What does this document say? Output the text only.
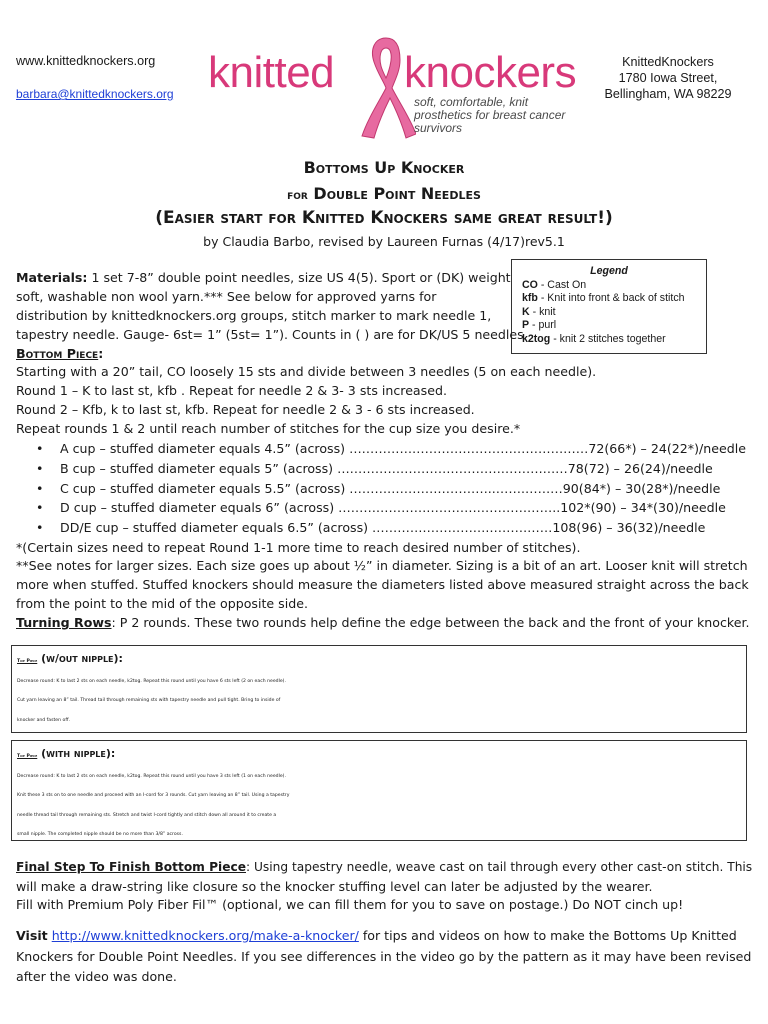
www.knittedknockers.org
barbara@knittedknockers.org knitted knockers
soft, comfortable, knit prosthetics for breast cancer survivors
KnittedKnockers
1780 Iowa Street,
Bellingham, WA 98229
Bottoms Up Knocker
for Double Point Needles
(Easier start for Knitted Knockers same great result!)
by Claudia Barbo, revised by Laureen Furnas (4/17)rev5.1
Legend
CO - Cast On
kfb - Knit into front & back of stitch
K - knit
P - purl
k2tog - knit 2 stitches together
Materials: 1 set 7-8” double point needles, size US 4(5). Sport or (DK) weight
soft, washable non wool yarn.*** See below for approved yarns for
distribution by knittedknockers.org groups, stitch marker to mark needle 1,
tapestry needle. Gauge- 6st= 1” (5st= 1”). Counts in ( ) are for DK/US 5 needles
Bottom Piece:
Starting with a 20” tail, CO loosely 15 sts and divide between 3 needles (5 on each needle).
Round 1 – K to last st, kfb . Repeat for needle 2 & 3- 3 sts increased.
Round 2 – Kfb, k to last st, kfb. Repeat for needle 2 & 3 - 6 sts increased.
Repeat rounds 1 & 2 until reach number of stitches for the cup size you desire.*
• A cup – stuffed diameter equals 4.5” (across) …………………………………………………72(66*) – 24(22*)/needle
• B cup – stuffed diameter equals 5” (across) ………………………………………….……78(72) – 26(24)/needle
• C cup – stuffed diameter equals 5.5” (across) ……………………………..…….………90(84*) – 30(28*)/needle
• D cup – stuffed diameter equals 6” (across) ……………………………………………..102*(90) – 34*(30)/needle
• DD/E cup – stuffed diameter equals 6.5” (across) ……………………….……………108(96) – 36(32)/needle
*(Certain sizes need to repeat Round 1-1 more time to reach desired number of stitches).
**See notes for larger sizes. Each size goes up about ½” in diameter. Sizing is a bit of an art. Looser knit will stretch
more when stuffed. Stuffed knockers should measure the diameters listed above measured straight across the back
from the point to the mid of the opposite side.
Turning Rows: P 2 rounds. These two rounds help define the edge between the back and the front of your knocker.
Top Piece (w/out nipple):
Decrease round: K to last 2 sts on each needle, k2tog. Repeat this round until you have 6 sts left (2 on each needle).
Cut yarn leaving an 8” tail. Thread tail through remaining sts with tapestry needle and pull tight. Bring to inside of
knocker and fasten off.
Top Piece (with nipple):
Decrease round: K to last 2 sts on each needle, k2tog. Repeat this round until you have 3 sts left (1 on each needle).
Knit these 3 sts on to one needle and proceed with an I-cord for 3 rounds. Cut yarn leaving an 8” tail. Using a tapestry
needle thread tail through remaining sts. Stretch and twist I-cord tightly and stitch down all around it to create a
small nipple. The completed nipple should be no more than 3/8” across.
Final Step To Finish Bottom Piece: Using tapestry needle, weave cast on tail through every other cast-on stitch. This
will make a draw-string like closure so the knocker stuffing level can later be adjusted by the wearer.
Fill with Premium Poly Fiber Fil™ (optional, we can fill them for you to save on postage.) Do NOT cinch up!
Visit http://www.knittedknockers.org/make-a-knocker/ for tips and videos on how to make the Bottoms Up Knitted
Knockers for Double Point Needles. If you see differences in the video go by the pattern as it may have been revised
after the video was done.
